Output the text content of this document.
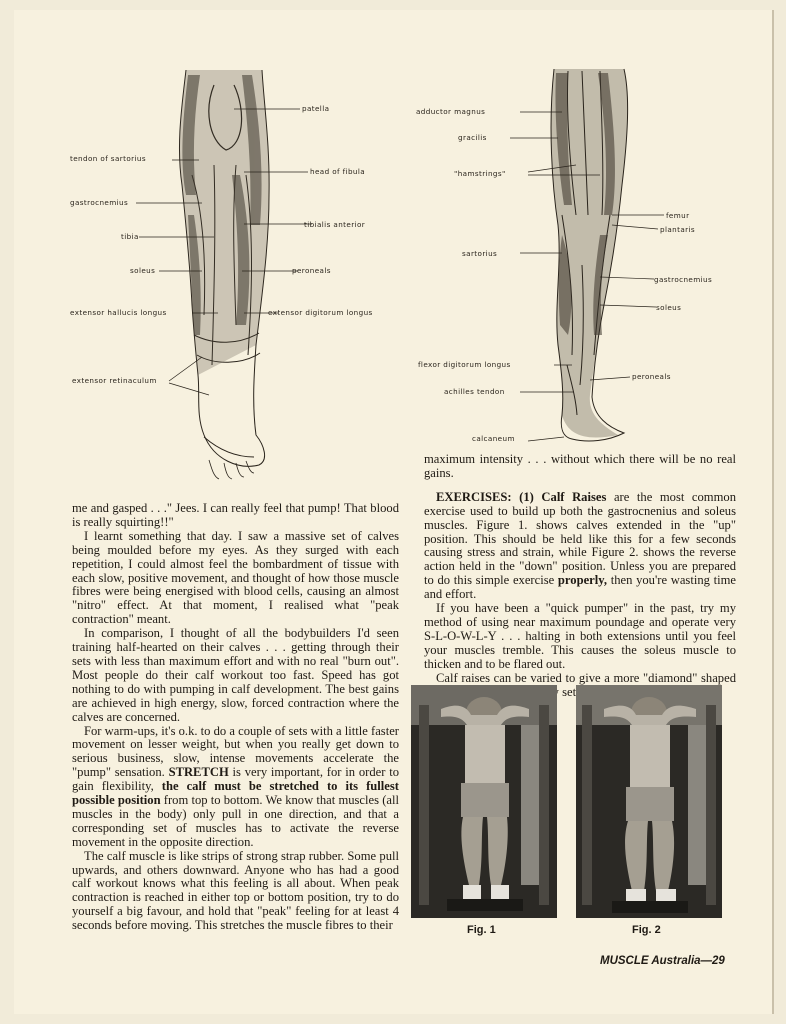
patella
tendon of sartorius
head of fibula
gastrocnemius
tibia
tibialis anterior
soleus	peroneals
extensor hallucis longus	extensor digitorum longus
extensor retinaculum
adductor magnus
gracilis
"hamstrings"
femur
plantaris
sartorius
gastrocnemius
soleus
flexor digitorum longus
peroneals
achilles tendon
calcaneum

me and gasped . . ." Jees. I can really feel that pump! That blood is really squirting!!"

I learnt something that day. I saw a massive set of calves being moulded before my eyes. As they surged with each repetition, I could almost feel the bombardment of tissue with each slow, positive movement, and thought of how those muscle fibres were being energised with blood cells, causing an almost "nitro" effect. At that moment, I realised what "peak contraction" meant.

In comparison, I thought of all the bodybuilders I'd seen training half-hearted on their calves . . . getting through their sets with less than maximum effort and with no real "burn out". Most people do their calf workout too fast. Speed has got nothing to do with pumping in calf development. The best gains are achieved in high energy, slow, forced contraction where the calves are concerned.

For warm-ups, it's o.k. to do a couple of sets with a little faster movement on lesser weight, but when you really get down to serious business, slow, intense movements accelerate the "pump" sensation. STRETCH is very important, for in order to gain flexibility, the calf must be stretched to its fullest possible position from top to bottom. We know that muscles (all muscles in the body) only pull in one direction, and that a corresponding set of muscles has to activate the reverse movement in the opposite direction.

The calf muscle is like strips of strong strap rubber. Some pull upwards, and others downward. Anyone who has had a good calf workout knows what this feeling is all about. When peak contraction is reached in either top or bottom position, try to do yourself a big favour, and hold that "peak" feeling for at least 4 seconds before moving. This stretches the muscle fibres to their

maximum intensity . . . without which there will be no real gains.

EXERCISES: (1) Calf Raises are the most common exercise used to build up both the gastrocnenius and soleus muscles. Figure 1. shows calves extended in the "up" position. This should be held like this for a few seconds causing stress and strain, while Figure 2. shows the reverse action held in the "down" position. Unless you are prepared to do this simple exercise properly, then you're wasting time and effort.

If you have been a "quick pumper" in the past, try my method of using near maximum poundage and operate very S-L-O-W-L-Y . . . halting in both extensions until you feel your muscles tremble. This causes the soleus muscle to thicken and to be flared out.

Calf raises can be varied to give a more "diamond" shaped sets

Fig. 1	Fig. 2
MUSCLE Australia—29
